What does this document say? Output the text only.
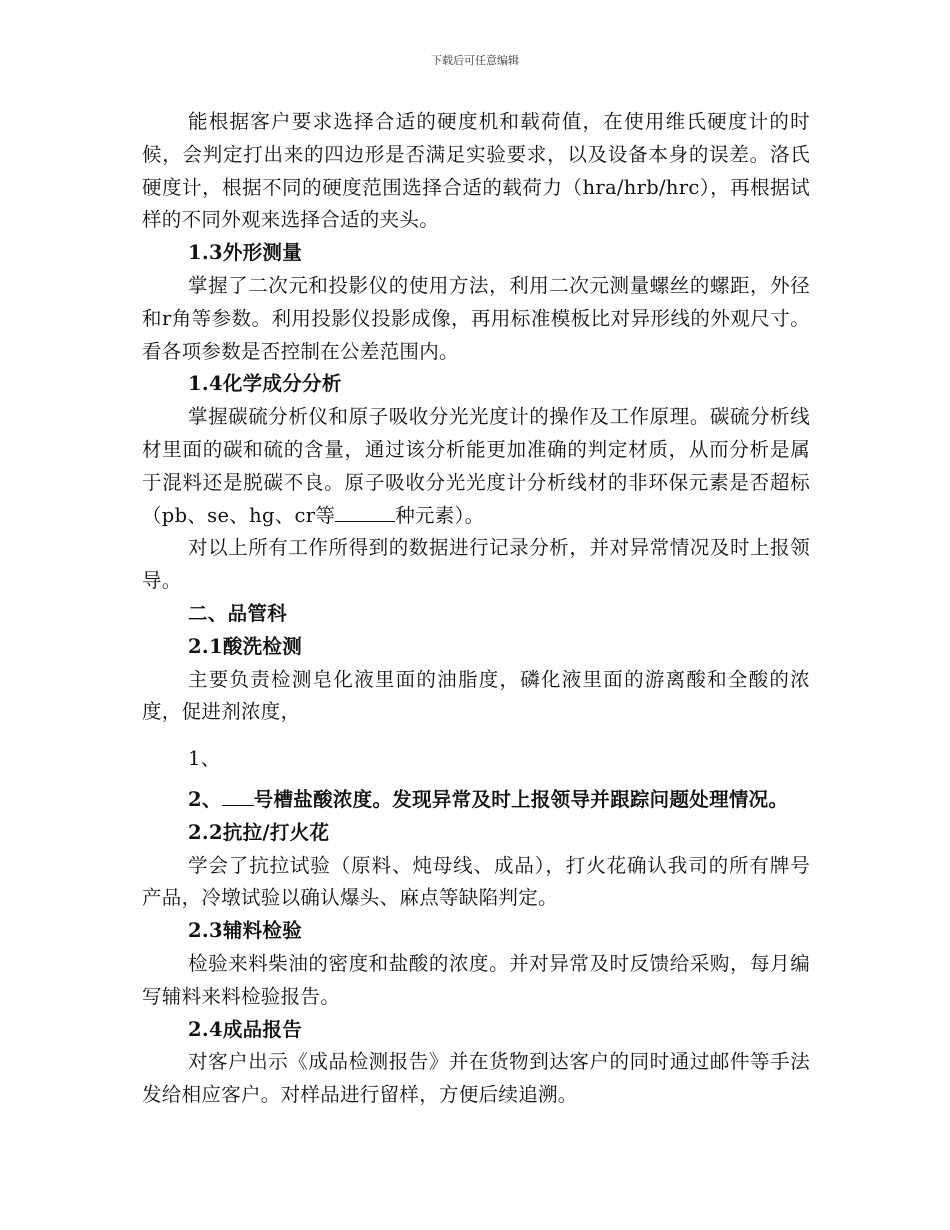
下载后可任意编辑

能根据客户要求选择合适的硬度机和载荷值，在使用维氏硬度计的时候，会判定打出来的四边形是否满足实验要求，以及设备本身的误差。洛氏硬度计，根据不同的硬度范围选择合适的载荷力（hra/hrb/hrc），再根据试样的不同外观来选择合适的夹头。

1.3外形测量

掌握了二次元和投影仪的使用方法，利用二次元测量螺丝的螺距，外径和r角等参数。利用投影仪投影成像，再用标准模板比对异形线的外观尺寸。看各项参数是否控制在公差范围内。

1.4化学成分分析

掌握碳硫分析仪和原子吸收分光光度计的操作及工作原理。碳硫分析线材里面的碳和硫的含量，通过该分析能更加准确的判定材质，从而分析是属于混料还是脱碳不良。原子吸收分光光度计分析线材的非环保元素是否超标（pb、se、hg、cr等	种元素）。

对以上所有工作所得到的数据进行记录分析，并对异常情况及时上报领导。

二、品管科

2.1酸洗检测

主要负责检测皂化液里面的油脂度，磷化液里面的游离酸和全酸的浓度，促进剂浓度，

1、

2、 号槽盐酸浓度。发现异常及时上报领导并跟踪问题处理情况。

2.2抗拉/打火花

学会了抗拉试验（原料、炖母线、成品），打火花确认我司的所有牌号产品，冷墩试验以确认爆头、麻点等缺陷判定。

2.3辅料检验

检验来料柴油的密度和盐酸的浓度。并对异常及时反馈给采购，每月编写辅料来料检验报告。

2.4成品报告

对客户出示《成品检测报告》并在货物到达客户的同时通过邮件等手法发给相应客户。对样品进行留样，方便后续追溯。
